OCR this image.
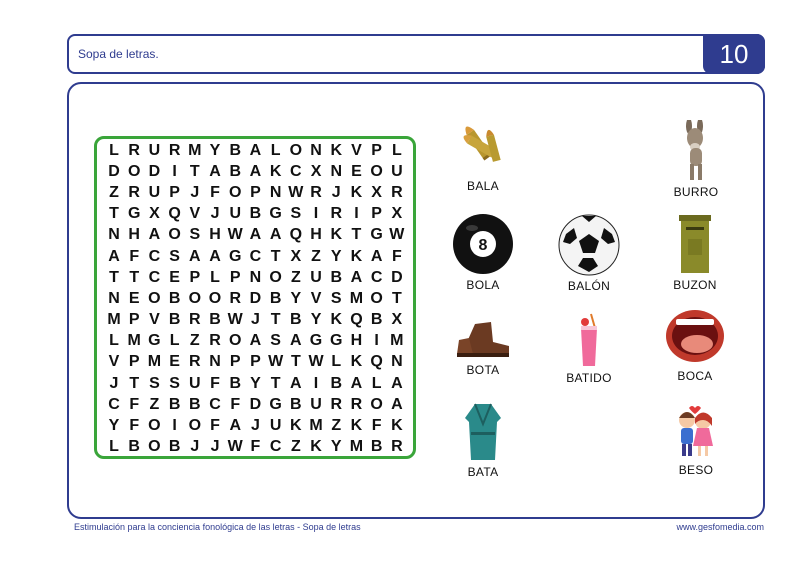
Sopa de letras.	10
L R U R M Y B A L O N K V P L
D O D I T A B A K C X N E O U
Z R U P J F O P N W R J K X R
T G X Q V J U B G S I R I P X
N H A O S H W A A Q H K T G W
A F C S A A G C T X Z Y K A F
T T C E P L P N O Z U B A C D
N E O B O O R D B Y V S M O T
M P V B R B W J T B Y K Q B X
L M G L Z R O A S A G G H I M
V P M E R N P P W T W L K Q N
J T S S U F B Y T A I B A L A
C F Z B B C F D G B U R R O A
Y F O I O F A J U K M Z K F K
L B O B J J W F C Z K Y M B R
BALA	BURRO
8
BOLA	BALÓN	BUZON
BOTA
BATIDO	BOCA
BATA	BESO
Estimulación para la conciencia fonológica de las letras - Sopa de letras	www.gesfomedia.com
